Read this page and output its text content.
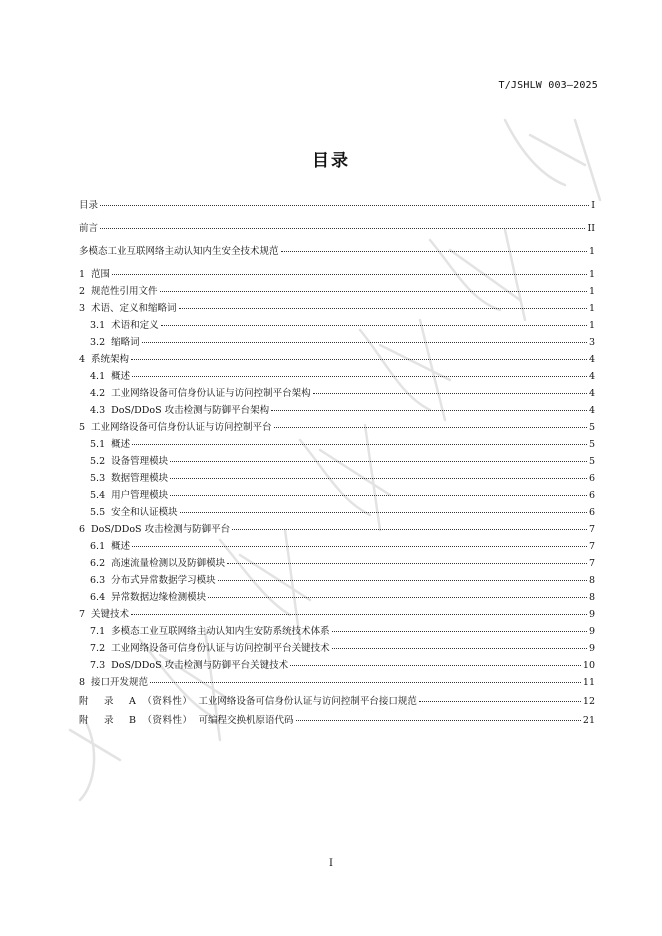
T/JSHLW 003—2025
目录
目录	I
前言	II
多模态工业互联网络主动认知内生安全技术规范	1
1 范围	1
2 规范性引用文件	1
3 术语、定义和缩略词	1
3.1 术语和定义	1
3.2 缩略词	3
4 系统架构	4
4.1 概述	4
4.2 工业网络设备可信身份认证与访问控制平台架构	4
4.3 DoS/DDoS 攻击检测与防御平台架构	4
5 工业网络设备可信身份认证与访问控制平台	5
5.1 概述	5
5.2 设备管理模块	5
5.3 数据管理模块	6
5.4 用户管理模块	6
5.5 安全和认证模块	6
6 DoS/DDoS 攻击检测与防御平台	7
6.1 概述	7
6.2 高速流量检测以及防御模块	7
6.3 分布式异常数据学习模块	8
6.4 异常数据边缘检测模块	8
7 关键技术	9
7.1 多模态工业互联网络主动认知内生安防系统技术体系	9
7.2 工业网络设备可信身份认证与访问控制平台关键技术	9
7.3 DoS/DDoS 攻击检测与防御平台关键技术	10
8 接口开发规范	11
附 录 A （资料性） 工业网络设备可信身份认证与访问控制平台接口规范	12
附 录 B （资料性） 可编程交换机原语代码	21
I
